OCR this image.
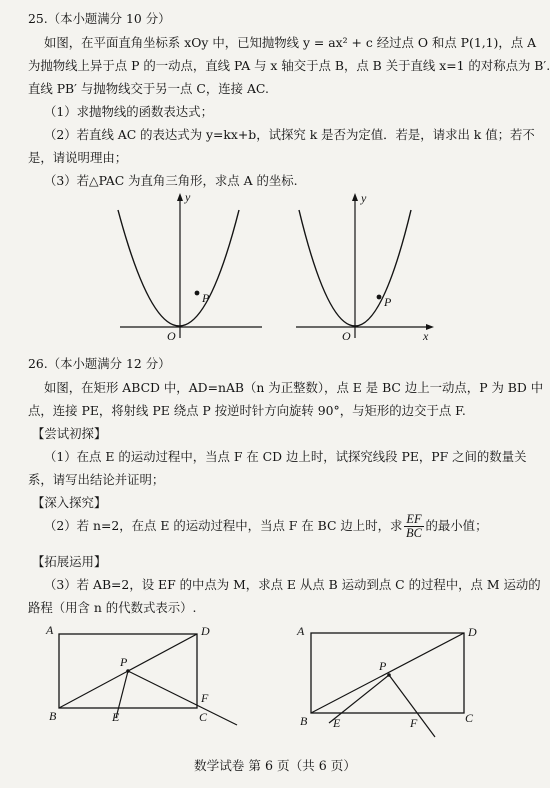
25.（本小题满分 10 分）
如图，在平面直角坐标系 xOy 中，已知抛物线 y = ax² + c 经过点 O 和点 P(1,1)，点 A
为抛物线上异于点 P 的一动点，直线 PA 与 x 轴交于点 B，点 B 关于直线 x=1 的对称点为 B′.
直线 PB′ 与抛物线交于另一点 C，连接 AC.
（1）求抛物线的函数表达式；
（2）若直线 AC 的表达式为 y=kx+b，试探究 k 是否为定值．若是，请求出 k 值；若不
是，请说明理由；
（3）若△PAC 为直角三角形，求点 A 的坐标.
y
O
P
y
O
P
x
26.（本小题满分 12 分）
如图，在矩形 ABCD 中，AD=nAB（n 为正整数），点 E 是 BC 边上一动点，P 为 BD 中
点，连接 PE，将射线 PE 绕点 P 按逆时针方向旋转 90°，与矩形的边交于点 F.
【尝试初探】
（1）在点 E 的运动过程中，当点 F 在 CD 边上时，试探究线段 PE，PF 之间的数量关
系，请写出结论并证明；
【深入探究】
（2）若 n=2，在点 E 的运动过程中，当点 F 在 BC 边上时，求 $\frac{EF}{BC}$ 的最小值；
【拓展运用】
（3）若 AB=2，设 EF 的中点为 M，求点 E 从点 B 运动到点 C 的过程中，点 M 运动的
路程（用含 n 的代数式表示）.
A	D
P
F
B	E	C
A	D
P
B E	F	C
数学试卷 第 6 页（共 6 页）
